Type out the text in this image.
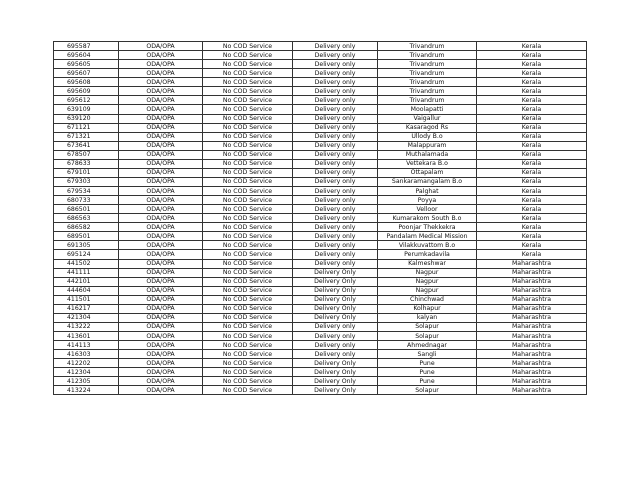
695587	ODA/OPA	No COD Service	Delivery only	Trivandrum	Kerala
695604	ODA/OPA	No COD Service	Delivery only	Trivandrum	Kerala
695605	ODA/OPA	No COD Service	Delivery only	Trivandrum	Kerala
695607	ODA/OPA	No COD Service	Delivery only	Trivandrum	Kerala
695608	ODA/OPA	No COD Service	Delivery only	Trivandrum	Kerala
695609	ODA/OPA	No COD Service	Delivery only	Trivandrum	Kerala
695612	ODA/OPA	No COD Service	Delivery only	Trivandrum	Kerala
639109	ODA/OPA	No COD Service	Delivery only	Moolapatti	Kerala
639120	ODA/OPA	No COD Service	Delivery only	Vaigallur	Kerala
671121	ODA/OPA	No COD Service	Delivery only	Kasaragod Rs	Kerala
671321	ODA/OPA	No COD Service	Delivery only	Ullody B.o	Kerala
673641	ODA/OPA	No COD Service	Delivery only	Malappuram	Kerala
678507	ODA/OPA	No COD Service	Delivery only	Muthalamada	Kerala
678633	ODA/OPA	No COD Service	Delivery only	Vettekara B.o	Kerala
679101	ODA/OPA	No COD Service	Delivery only	Ottapalam	Kerala
679303	ODA/OPA	No COD Service	Delivery only	Sankaramangalam B.o	Kerala
679534	ODA/OPA	No COD Service	Delivery only	Palghat	Kerala
680733	ODA/OPA	No COD Service	Delivery only	Poyya	Kerala
686501	ODA/OPA	No COD Service	Delivery only	Velloor	Kerala
686563	ODA/OPA	No COD Service	Delivery only	Kumarakom South B.o	Kerala
686582	ODA/OPA	No COD Service	Delivery only	Poonjar Thekkekra	Kerala
689501	ODA/OPA	No COD Service	Delivery only	Pandalam Medical Mission	Kerala
691305	ODA/OPA	No COD Service	Delivery only	Vilakkuvattom B.o	Kerala
695124	ODA/OPA	No COD Service	Delivery only	Perumkadavila	Kerala
441502	ODA/OPA	No COD Service	Delivery only	Kalmeshwar	Maharashtra
441111	ODA/OPA	No COD Service	Delivery Only	Nagpur	Maharashtra
442101	ODA/OPA	No COD Service	Delivery Only	Nagpur	Maharashtra
444604	ODA/OPA	No COD Service	Delivery Only	Nagpur	Maharashtra
411501	ODA/OPA	No COD Service	Delivery Only	Chinchwad	Maharashtra
416217	ODA/OPA	No COD Service	Delivery Only	Kolhapur	Maharashtra
421304	ODA/OPA	No COD Service	Delivery Only	kalyan	Maharashtra
413222	ODA/OPA	No COD Service	Delivery only	Solapur	Maharashtra
413601	ODA/OPA	No COD Service	Delivery only	Solapur	Maharashtra
414113	ODA/OPA	No COD Service	Delivery only	Ahmednagar	Maharashtra
416303	ODA/OPA	No COD Service	Delivery only	Sangli	Maharashtra
412202	ODA/OPA	No COD Service	Delivery Only	Pune	Maharashtra
412304	ODA/OPA	No COD Service	Delivery Only	Pune	Maharashtra
412305	ODA/OPA	No COD Service	Delivery Only	Pune	Maharashtra
413224	ODA/OPA	No COD Service	Delivery Only	Solapur	Maharashtra
